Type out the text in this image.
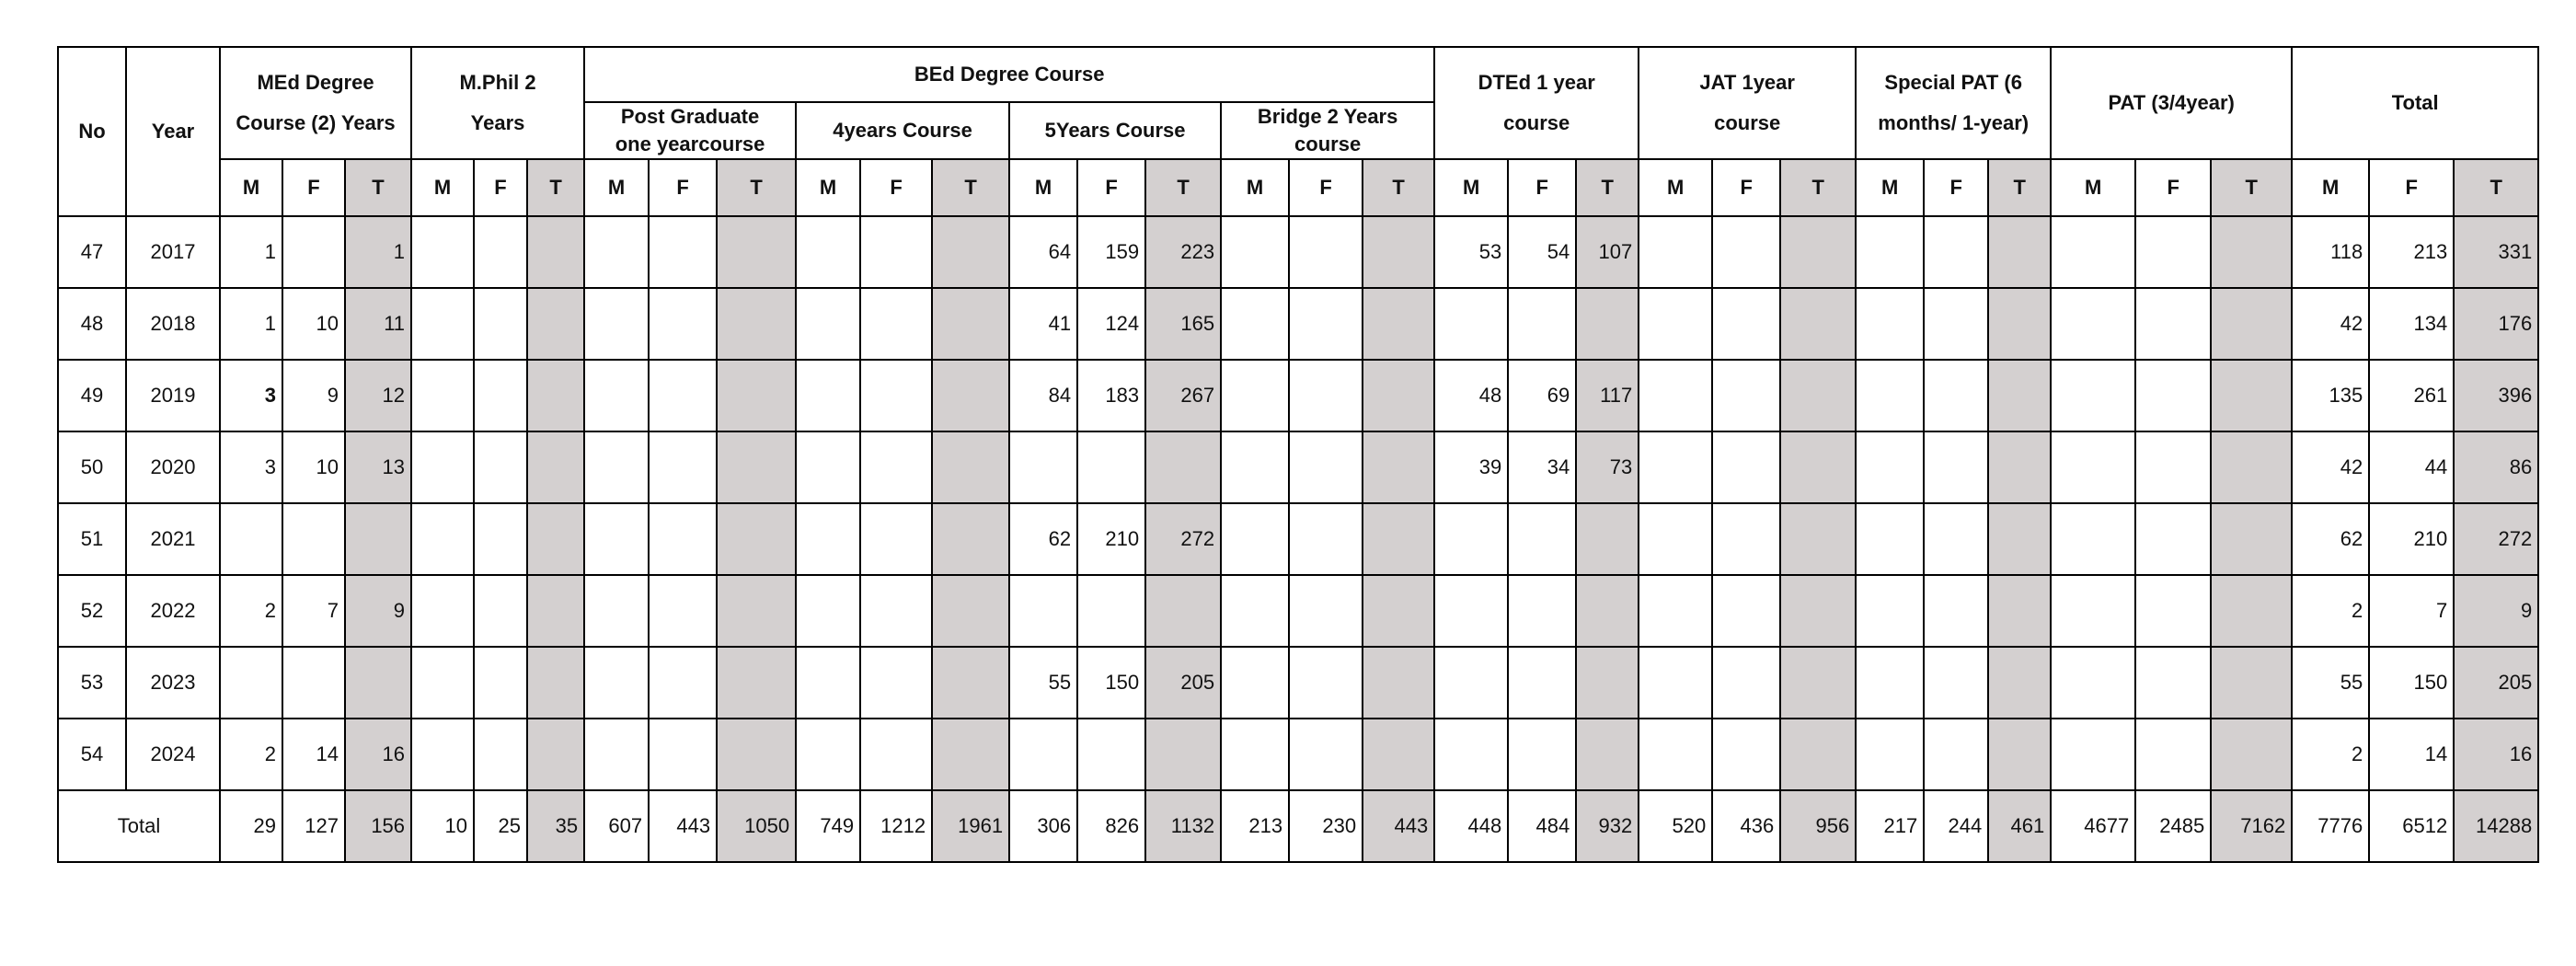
No	Year	MEd Degree Course (2) Years			M.Phil 2 Years			BEd Degree Course												DTEd 1 year course			JAT 1year course			Special PAT (6 months/ 1-year)			PAT (3/4year)			Total		
								Post Graduate one yearcourse			4years Course			5Years Course			Bridge 2 Years course																	
		M	F	T	M	F	T	M	F	T	M	F	T	M	F	T	M	F	T	M	F	T	M	F	T	M	F	T	M	F	T	M	F	T
47	2017	1		1										64	159	223				53	54	107										118	213	331
48	2018	1	10	11										41	124	165																42	134	176
49	2019	3	9	12										84	183	267				48	69	117										135	261	396
50	2020	3	10	13																39	34	73										42	44	86
51	2021													62	210	272																62	210	272
52	2022	2	7	9																												2	7	9
53	2023													55	150	205																55	150	205
54	2024	2	14	16																												2	14	16
Total		29	127	156	10	25	35	607	443	1050	749	1212	1961	306	826	1132	213	230	443	448	484	932	520	436	956	217	244	461	4677	2485	7162	7776	6512	14288
